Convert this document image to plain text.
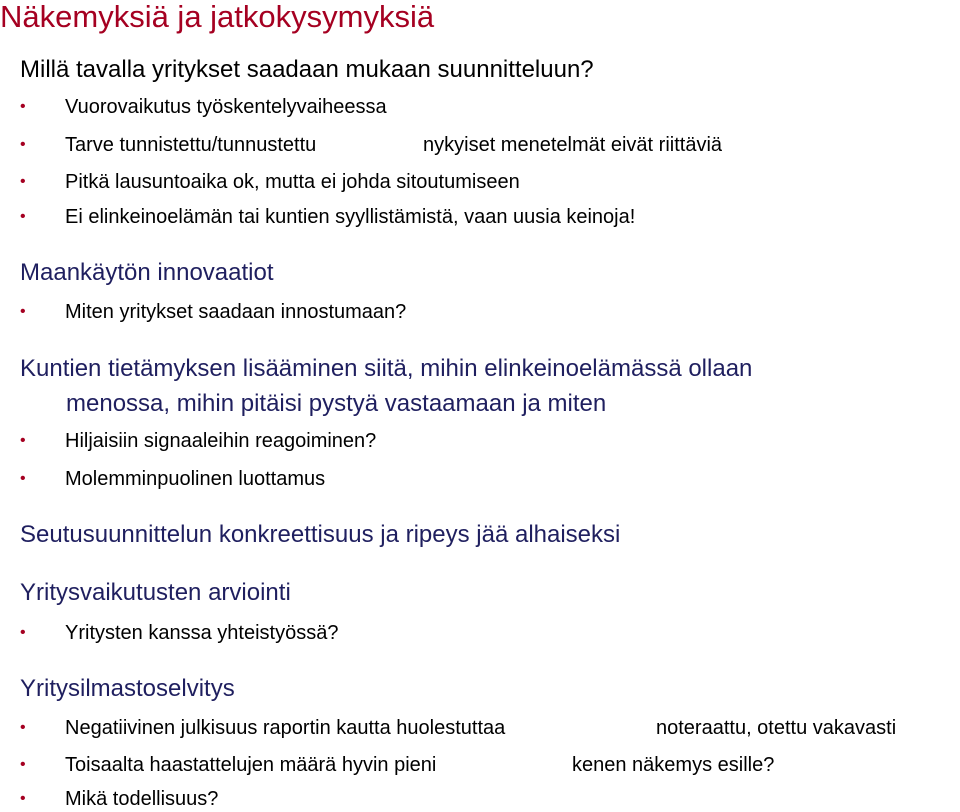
Näkemyksiä ja jatkokysymyksiä
Millä tavalla yritykset saadaan mukaan suunnitteluun?
• Vuorovaikutus työskentelyvaiheessa
• Tarve tunnistettu/tunnustettu	nykyiset menetelmät eivät riittäviä
• Pitkä lausuntoaika ok, mutta ei johda sitoutumiseen
• Ei elinkeinoelämän tai kuntien syyllistämistä, vaan uusia keinoja!
Maankäytön innovaatiot
• Miten yritykset saadaan innostumaan?
Kuntien tietämyksen lisääminen siitä, mihin elinkeinoelämässä ollaan
menossa, mihin pitäisi pystyä vastaamaan ja miten
• Hiljaisiin signaaleihin reagoiminen?
• Molemminpuolinen luottamus
Seutusuunnittelun konkreettisuus ja ripeys jää alhaiseksi
Yritysvaikutusten arviointi
• Yritysten kanssa yhteistyössä?
Yritysilmastoselvitys
• Negatiivinen julkisuus raportin kautta huolestuttaa	noteraattu, otettu vakavasti
• Toisaalta haastattelujen määrä hyvin pieni	kenen näkemys esille?
• Mikä todellisuus?
